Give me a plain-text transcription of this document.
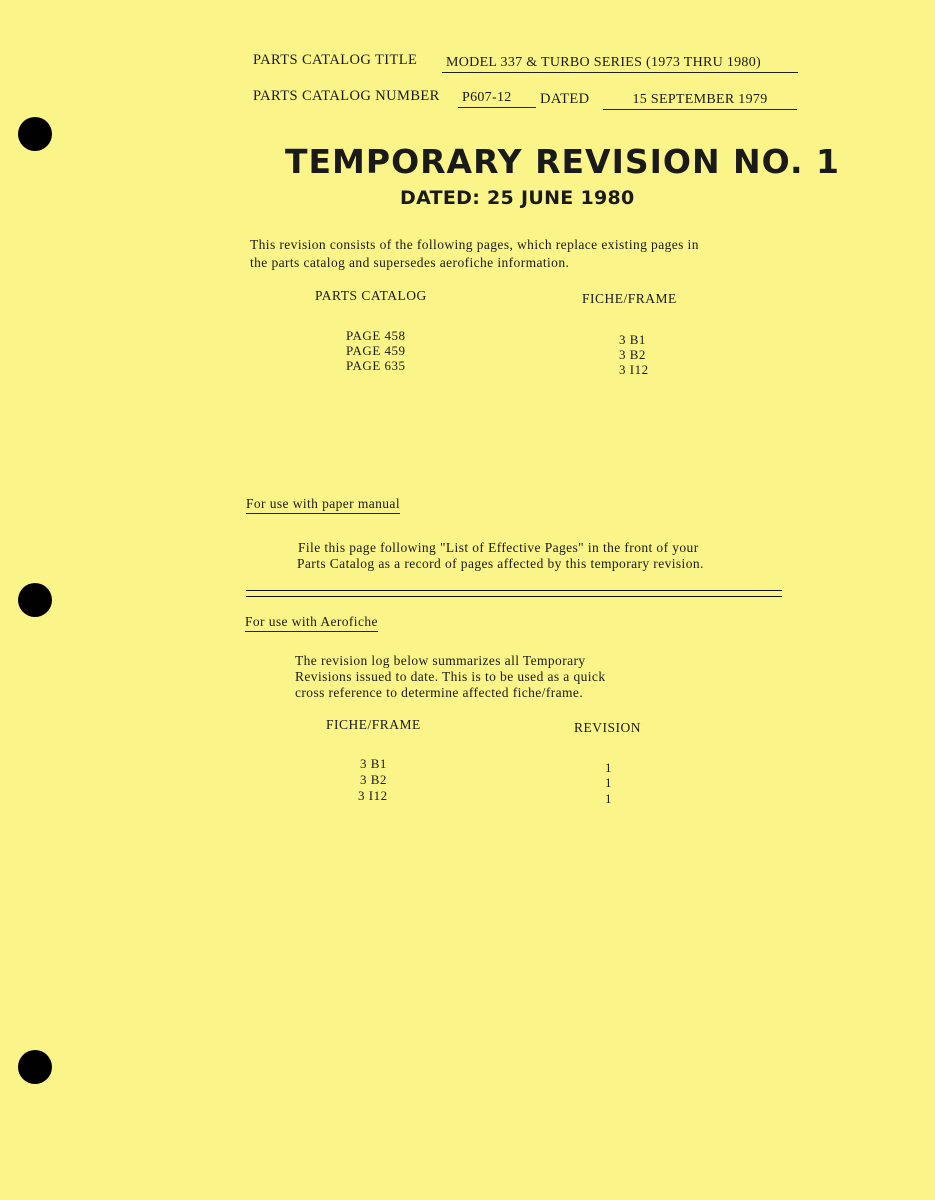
PARTS CATALOG TITLE MODEL 337 & TURBO SERIES (1973 THRU 1980)
PARTS CATALOG NUMBER P607-12	DATED	15 SEPTEMBER 1979
TEMPORARY REVISION NO. 1
DATED: 25 JUNE 1980
This revision consists of the following pages, which replace existing pages in
the parts catalog and supersedes aerofiche information.
PARTS CATALOG	FICHE/FRAME
PAGE 458	3 B1
PAGE 459	3 B2
PAGE 635	3 I12
For use with paper manual
File this page following "List of Effective Pages" in the front of your
Parts Catalog as a record of pages affected by this temporary revision.
For use with Aerofiche
The revision log below summarizes all Temporary
Revisions issued to date. This is to be used as a quick
cross reference to determine affected fiche/frame.
FICHE/FRAME	REVISION
3 B1	1
3 B2	1
3 I12	1
